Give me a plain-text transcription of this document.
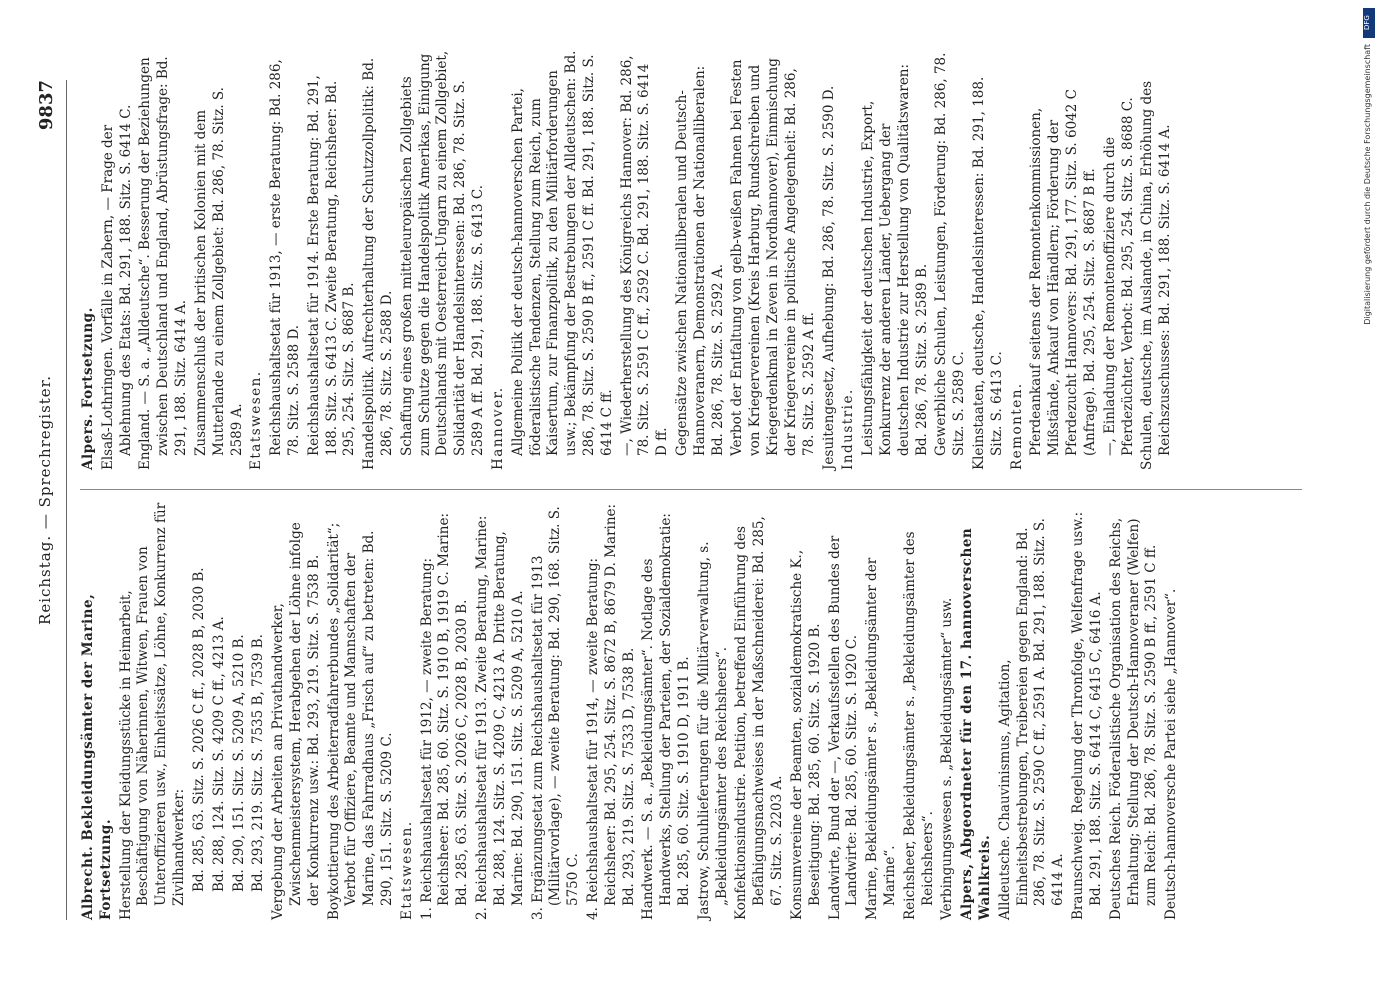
Reichstag. — Sprechregister.
9837
Albrecht. Bekleidungsämter der Marine, Fortsetzung. Herstellung der Kleidungsstücke in Heimarbeit, Beschäftigung von Näherinnen, Witwen, Frauen von Unteroffizieren usw., Einheitssätze, Löhne, Konkurrenz für Zivilhandwerker: Bd. 285, 63. Sitz. S. 2026 C ff., 2028 B, 2030 B. Bd. 288, 124. Sitz. S. 4209 C ff., 4213 A. Bd. 290, 151. Sitz. S. 5209 A, 5210 B. Bd. 293, 219. Sitz. S. 7535 B, 7539 B. Vergebung der Arbeiten an Privathandwerker, Zwischenmeistersystem, Herabgehen der Löhne infolge der Konkurrenz usw.: Bd. 293, 219. Sitz. S. 7538 B. Boykottierung des Arbeiterradfahrerbundes „Solidarität“; Verbot für Offiziere, Beamte und Mannschaften der Marine, das Fahrradhaus „Frisch auf“ zu betreten: Bd. 290, 151. Sitz. S. 5209 C. Etatswesen. 1. Reichshaushaltsetat für 1912, — zweite Beratung: Reichsheer: Bd. 285, 60. Sitz. S. 1910 B, 1919 C. Marine: Bd. 285, 63. Sitz. S. 2026 C, 2028 B, 2030 B. 2. Reichshaushaltsetat für 1913. Zweite Beratung, Marine: Bd. 288, 124. Sitz. S. 4209 C, 4213 A. Dritte Beratung, Marine: Bd. 290, 151. Sitz. S. 5209 A, 5210 A. 3. Ergänzungsetat zum Reichshaushaltsetat für 1913 (Militärvorlage), — zweite Beratung: Bd. 290, 168. Sitz. S. 5750 C. 4. Reichshaushaltsetat für 1914, — zweite Beratung: Reichsheer: Bd. 295, 254. Sitz. S. 8672 B, 8679 D. Marine: Bd. 293, 219. Sitz. S. 7533 D, 7538 B. Handwerk. — S. a. „Bekleidungsämter“. Notlage des Handwerks, Stellung der Parteien, der Sozialdemokratie: Bd. 285, 60. Sitz. S. 1910 D, 1911 B. Jastrow, Schuhlieferungen für die Militärverwaltung, s. „Bekleidungsämter des Reichsheers“. Konfektionsindustrie. Petition, betreffend Einführung des Befähigungsnachweises in der Maßschneiderei: Bd. 285, 67. Sitz. S. 2203 A. Konsumvereine der Beamten, sozialdemokratische K., Beseitigung: Bd. 285, 60. Sitz. S. 1920 B. Landwirte, Bund der —, Verkaufsstellen des Bundes der Landwirte: Bd. 285, 60. Sitz. S. 1920 C. Marine, Bekleidungsämter s. „Bekleidungsämter der Marine“. Reichsheer, Bekleidungsämter s. „Bekleidungsämter des Reichsheers“. Verbingungswesen s. „Bekleidungsämter“ usw. Alpers, Abgeordneter für den 17. hannoverschen Wahlkreis. Alldeutsche. Chauvinismus, Agitation, Einheitsbestrebungen, Treibereien gegen England: Bd. 286, 78. Sitz. S. 2590 C ff., 2591 A. Bd. 291, 188. Sitz. S. 6414 A. Braunschweig. Regelung der Thronfolge, Welfenfrage usw.: Bd. 291, 188. Sitz. S. 6414 C, 6415 C, 6416 A. Deutsches Reich. Föderalistische Organisation des Reichs, Erhaltung; Stellung der Deutsch-Hannoveraner (Welfen) zum Reich: Bd. 286, 78. Sitz. S. 2590 B ff., 2591 C ff. Deutsch-hannoversche Partei siehe „Hannover“.
Alpers. Fortsetzung. Elsaß-Lothringen. Vorfälle in Zabern, — Frage der Ablehnung des Etats: Bd. 291, 188. Sitz. S. 6414 C. England. — S. a. „Alldeutsche“. Besserung der Beziehungen zwischen Deutschland und England, Abrüstungsfrage: Bd. 291, 188. Sitz. 6414 A. Zusammenschluß der britischen Kolonien mit dem Mutterlande zu einem Zollgebiet: Bd. 286, 78. Sitz. S. 2589 A. Etatswesen. Reichshaushaltsetat für 1913, — erste Beratung: Bd. 286, 78. Sitz. S. 2588 D. Reichshaushaltsetat für 1914. Erste Beratung: Bd. 291, 188. Sitz. S. 6413 C. Zweite Beratung, Reichsheer: Bd. 295, 254. Sitz. S. 8687 B. Handelspolitik. Aufrechterhaltung der Schutzzollpolitik: Bd. 286, 78. Sitz. S. 2588 D. Schaffung eines großen mitteleuropäischen Zollgebiets zum Schutze gegen die Handelspolitik Amerikas, Einigung Deutschlands mit Oesterreich-Ungarn zu einem Zollgebiet, Solidarität der Handelsinteressen: Bd. 286, 78. Sitz. S. 2589 A ff. Bd. 291, 188. Sitz. S. 6413 C. Hannover. Allgemeine Politik der deutsch-hannoverschen Partei, föderalistische Tendenzen, Stellung zum Reich, zum Kaisertum, zur Finanzpolitik, zu den Militärforderungen usw.; Bekämpfung der Bestrebungen der Alldeutschen: Bd. 286, 78. Sitz. S. 2590 B ff., 2591 C ff. Bd. 291, 188. Sitz. S. 6414 C ff. —, Wiederherstellung des Königreichs Hannover: Bd. 286, 78. Sitz. S. 2591 C ff., 2592 C. Bd. 291, 188. Sitz. S. 6414 D ff. Gegensätze zwischen Nationalliberalen und Deutsch-Hannoveranern, Demonstrationen der Nationalliberalen: Bd. 286, 78. Sitz. S. 2592 A. Verbot der Entfaltung von gelb-weißen Fahnen bei Festen von Kriegervereinen (Kreis Harburg, Rundschreiben und Kriegerdenkmal in Zeven in Nordhannover), Einmischung der Kriegervereine in politische Angelegenheit: Bd. 286, 78. Sitz. S. 2592 A ff. Jesuitengesetz, Aufhebung: Bd. 286, 78. Sitz. S. 2590 D. Industrie. Leistungsfähigkeit der deutschen Industrie, Export, Konkurrenz der anderen Länder, Uebergang der deutschen Industrie zur Herstellung von Qualitätswaren: Bd. 286, 78. Sitz. S. 2589 B. Gewerbliche Schulen, Leistungen, Förderung: Bd. 286, 78. Sitz. S. 2589 C. Kleinstaaten, deutsche, Handelsinteressen: Bd. 291, 188. Sitz. S. 6413 C. Remonten. Pferdeankauf seitens der Remontenkommissionen, Mißstände, Ankauf von Händlern; Förderung der Pferdezucht Hannovers: Bd. 291, 177. Sitz. S. 6042 C (Anfrage). Bd. 295, 254. Sitz. S. 8687 B ff. —, Einladung der Remontenoffiziere durch die Pferdezüchter, Verbot: Bd. 295, 254. Sitz. S. 8688 C. Schulen, deutsche, im Auslande, in China, Erhöhung des Reichszuschusses: Bd. 291, 188. Sitz. S. 6414 A.
DFG
Digitalisierung gefördert durch die Deutsche Forschungsgemeinschaft
